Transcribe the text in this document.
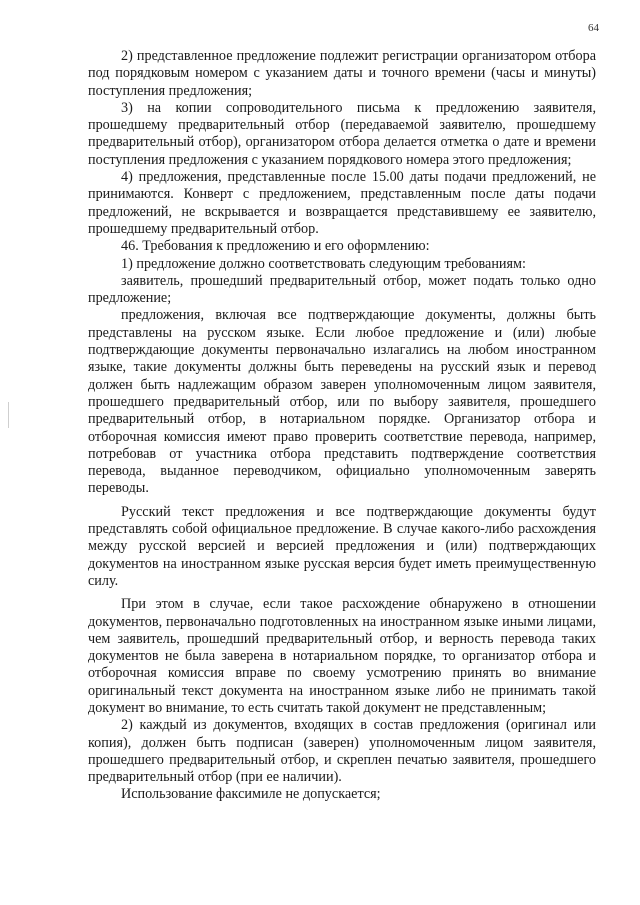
64

2) представленное предложение подлежит регистрации организатором отбора под порядковым номером с указанием даты и точного времени (часы и минуты) поступления предложения;

3) на копии сопроводительного письма к предложению заявителя, прошедшему предварительный отбор (передаваемой заявителю, прошедшему предварительный отбор), организатором отбора делается отметка о дате и времени поступления предложения с указанием порядкового номера этого предложения;

4) предложения, представленные после 15.00 даты подачи предложений, не принимаются. Конверт с предложением, представленным после даты подачи предложений, не вскрывается и возвращается представившему ее заявителю, прошедшему предварительный отбор.

46. Требования к предложению и его оформлению:

1) предложение должно соответствовать следующим требованиям:

заявитель, прошедший предварительный отбор, может подать только одно предложение;

предложения, включая все подтверждающие документы, должны быть представлены на русском языке. Если любое предложение и (или) любые подтверждающие документы первоначально излагались на любом иностранном языке, такие документы должны быть переведены на русский язык и перевод должен быть надлежащим образом заверен уполномоченным лицом заявителя, прошедшего предварительный отбор, или по выбору заявителя, прошедшего предварительный отбор, в нотариальном порядке. Организатор отбора и отборочная комиссия имеют право проверить соответствие перевода, например, потребовав от участника отбора представить подтверждение соответствия перевода, выданное переводчиком, официально уполномоченным заверять переводы.

Русский текст предложения и все подтверждающие документы будут представлять собой официальное предложение. В случае какого-либо расхождения между русской версией и версией предложения и (или) подтверждающих документов на иностранном языке русская версия будет иметь преимущественную силу.

При этом в случае, если такое расхождение обнаружено в отношении документов, первоначально подготовленных на иностранном языке иными лицами, чем заявитель, прошедший предварительный отбор, и верность перевода таких документов не была заверена в нотариальном порядке, то организатор отбора и отборочная комиссия вправе по своему усмотрению принять во внимание оригинальный текст документа на иностранном языке либо не принимать такой документ во внимание, то есть считать такой документ не представленным;

2) каждый из документов, входящих в состав предложения (оригинал или копия), должен быть подписан (заверен) уполномоченным лицом заявителя, прошедшего предварительный отбор, и скреплен печатью заявителя, прошедшего предварительный отбор (при ее наличии).

Использование факсимиле не допускается;
